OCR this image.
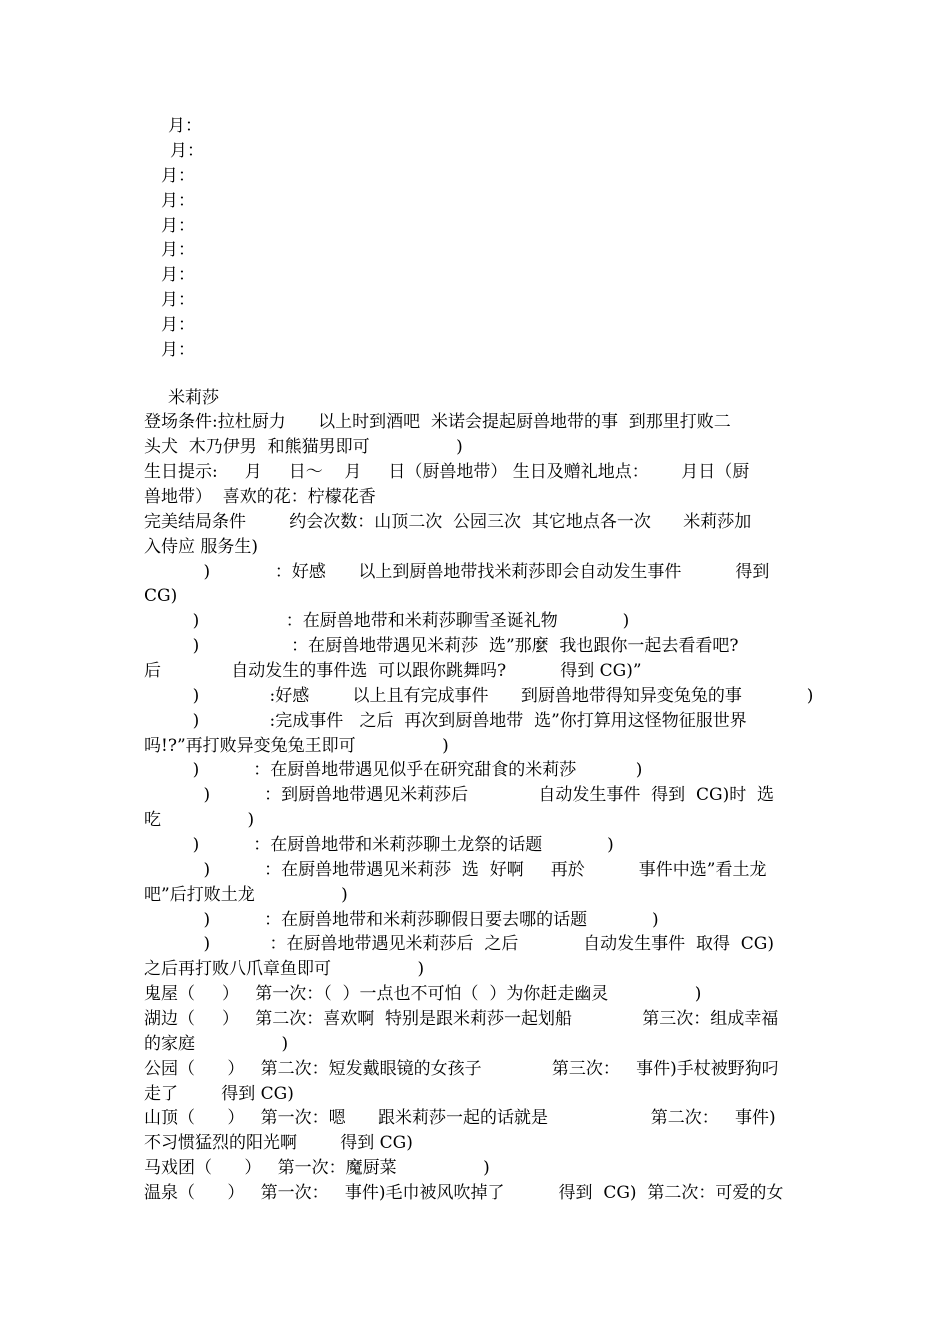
月：

月：

月：

月：

月：

月：

月：

月：

月：

月：

米莉莎

登场条件:拉杜厨力      以上时到酒吧  米诺会提起厨兽地带的事  到那里打败二

头犬  木乃伊男  和熊猫男即可                )

生日提示:     月     日～    月     日（厨兽地带） 生日及赠礼地点：      月日（厨

兽地带）  喜欢的花：柠檬花香

完美结局条件        约会次数：山顶二次  公园三次  其它地点各一次      米莉莎加

入侍应 服务生)

)            ：好感      以上到厨兽地带找米莉莎即会自动发生事件          得到

CG)

)                ：在厨兽地带和米莉莎聊雪圣诞礼物            )

)                 ：在厨兽地带遇见米莉莎  选”那麼  我也跟你一起去看看吧?

后             自动发生的事件选  可以跟你跳舞吗?          得到 CG)”

)             :好感        以上且有完成事件      到厨兽地带得知异变兔兔的事            )

)             :完成事件   之后  再次到厨兽地带  选”你打算用这怪物征服世界

吗!?”再打败异变兔兔王即可                )

)          ：在厨兽地带遇见似乎在研究甜食的米莉莎           )

)          ：到厨兽地带遇见米莉莎后             自动发生事件  得到  CG)时  选

吃                )

)          ：在厨兽地带和米莉莎聊土龙祭的话题            )

)          ：在厨兽地带遇见米莉莎  选  好啊     再於          事件中选”看土龙

吧”后打败土龙                )

)          ：在厨兽地带和米莉莎聊假日要去哪的话题            )

)           ：在厨兽地带遇见米莉莎后  之后            自动发生事件  取得  CG)

之后再打败八爪章鱼即可                )

鬼屋（     ）   第一次：（  ）一点也不可怕（  ）为你赶走幽灵                )

湖边（     ）   第二次：喜欢啊  特别是跟米莉莎一起划船             第三次：组成幸福

的家庭                )

公园（      ）   第二次：短发戴眼镜的女孩子             第三次：   事件)手杖被野狗叼

走了        得到 CG)

山顶（      ）   第一次：嗯      跟米莉莎一起的话就是                   第二次：   事件)

不习惯猛烈的阳光啊        得到 CG)

马戏团（      ）   第一次：魔厨菜                )

温泉（      ）   第一次：   事件)毛巾被风吹掉了          得到  CG)  第二次：可爱的女
